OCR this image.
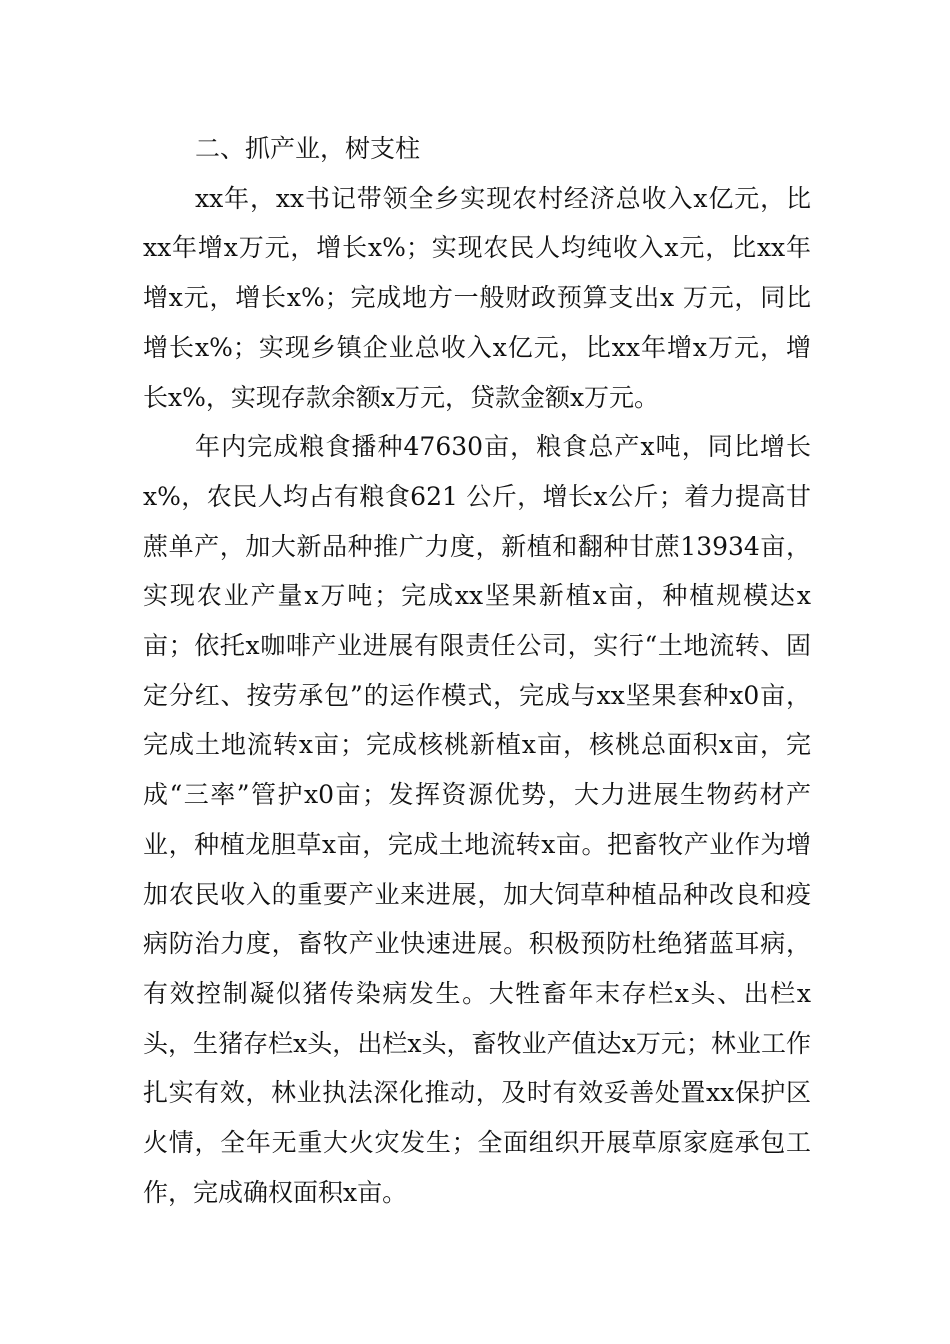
二、抓产业，树支柱

xx年，xx书记带领全乡实现农村经济总收入x亿元，比xx年增x万元，增长x%；实现农民人均纯收入x元，比xx年增x元，增长x%；完成地方一般财政预算支出x 万元，同比增长x%；实现乡镇企业总收入x亿元，比xx年增x万元，增长x%，实现存款余额x万元，贷款金额x万元。

年内完成粮食播种47630亩，粮食总产x吨，同比增长x%，农民人均占有粮食621 公斤，增长x公斤；着力提高甘蔗单产，加大新品种推广力度，新植和翻种甘蔗13934亩，实现农业产量x万吨；完成xx坚果新植x亩，种植规模达x亩；依托x咖啡产业进展有限责任公司，实行“土地流转、固定分红、按劳承包”的运作模式，完成与xx坚果套种x0亩，完成土地流转x亩；完成核桃新植x亩，核桃总面积x亩，完成“三率”管护x0亩；发挥资源优势，大力进展生物药材产业，种植龙胆草x亩，完成土地流转x亩。把畜牧产业作为增加农民收入的重要产业来进展，加大饲草种植品种改良和疫病防治力度，畜牧产业快速进展。积极预防杜绝猪蓝耳病，有效控制凝似猪传染病发生。大牲畜年末存栏x头、出栏x头，生猪存栏x头，出栏x头，畜牧业产值达x万元；林业工作扎实有效，林业执法深化推动，及时有效妥善处置xx保护区火情，全年无重大火灾发生；全面组织开展草原家庭承包工作，完成确权面积x亩。
